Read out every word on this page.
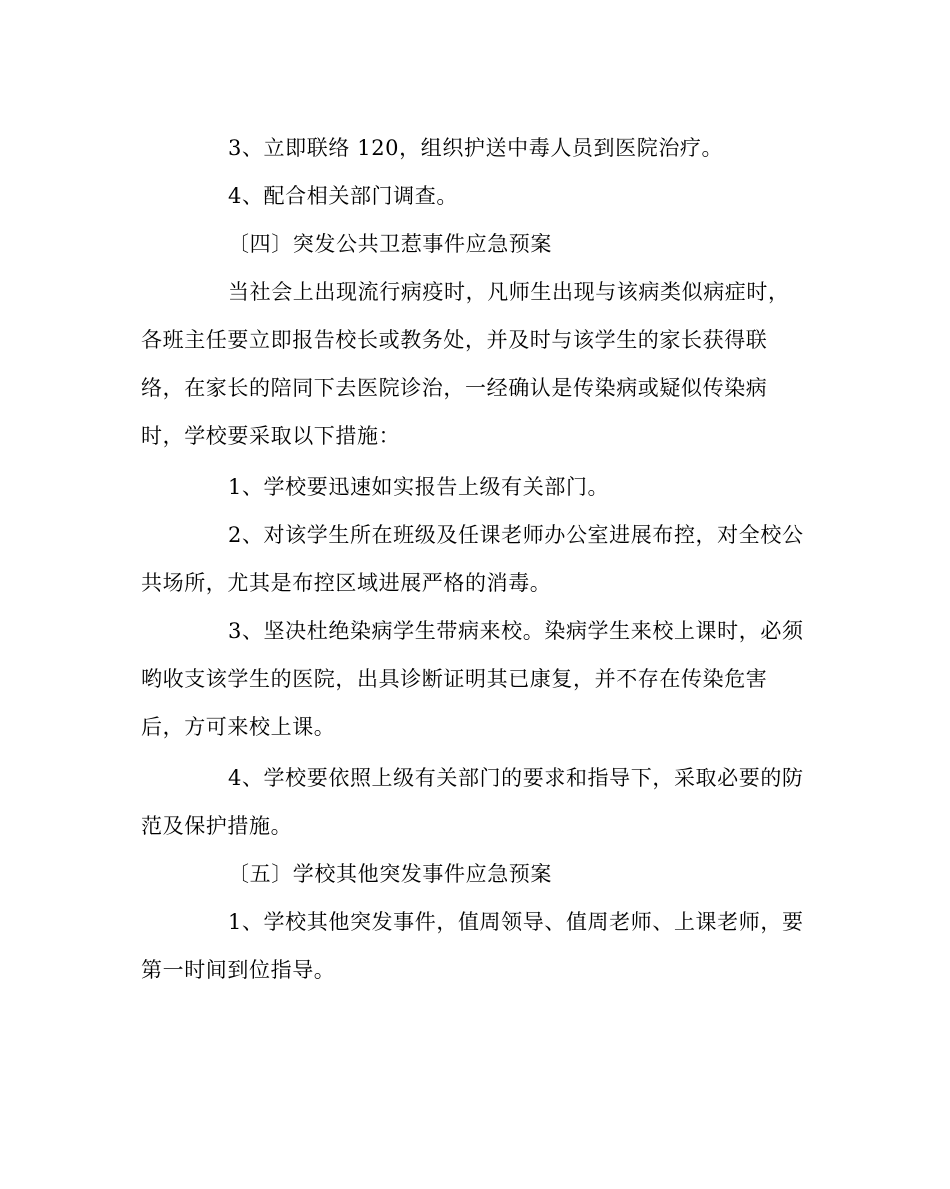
3、立即联络 120，组织护送中毒人员到医院治疗。
4、配合相关部门调查。
〔四〕突发公共卫惹事件应急预案
当社会上出现流行病疫时，凡师生出现与该病类似病症时，
各班主任要立即报告校长或教务处，并及时与该学生的家长获得联
络，在家长的陪同下去医院诊治，一经确认是传染病或疑似传染病
时，学校要采取以下措施：
1、学校要迅速如实报告上级有关部门。
2、对该学生所在班级及任课老师办公室进展布控，对全校公
共场所，尤其是布控区域进展严格的消毒。
3、坚决杜绝染病学生带病来校。染病学生来校上课时，必须
哟收支该学生的医院，出具诊断证明其已康复，并不存在传染危害
后，方可来校上课。
4、学校要依照上级有关部门的要求和指导下，采取必要的防
范及保护措施。
〔五〕学校其他突发事件应急预案
1、学校其他突发事件，值周领导、值周老师、上课老师，要
第一时间到位指导。
